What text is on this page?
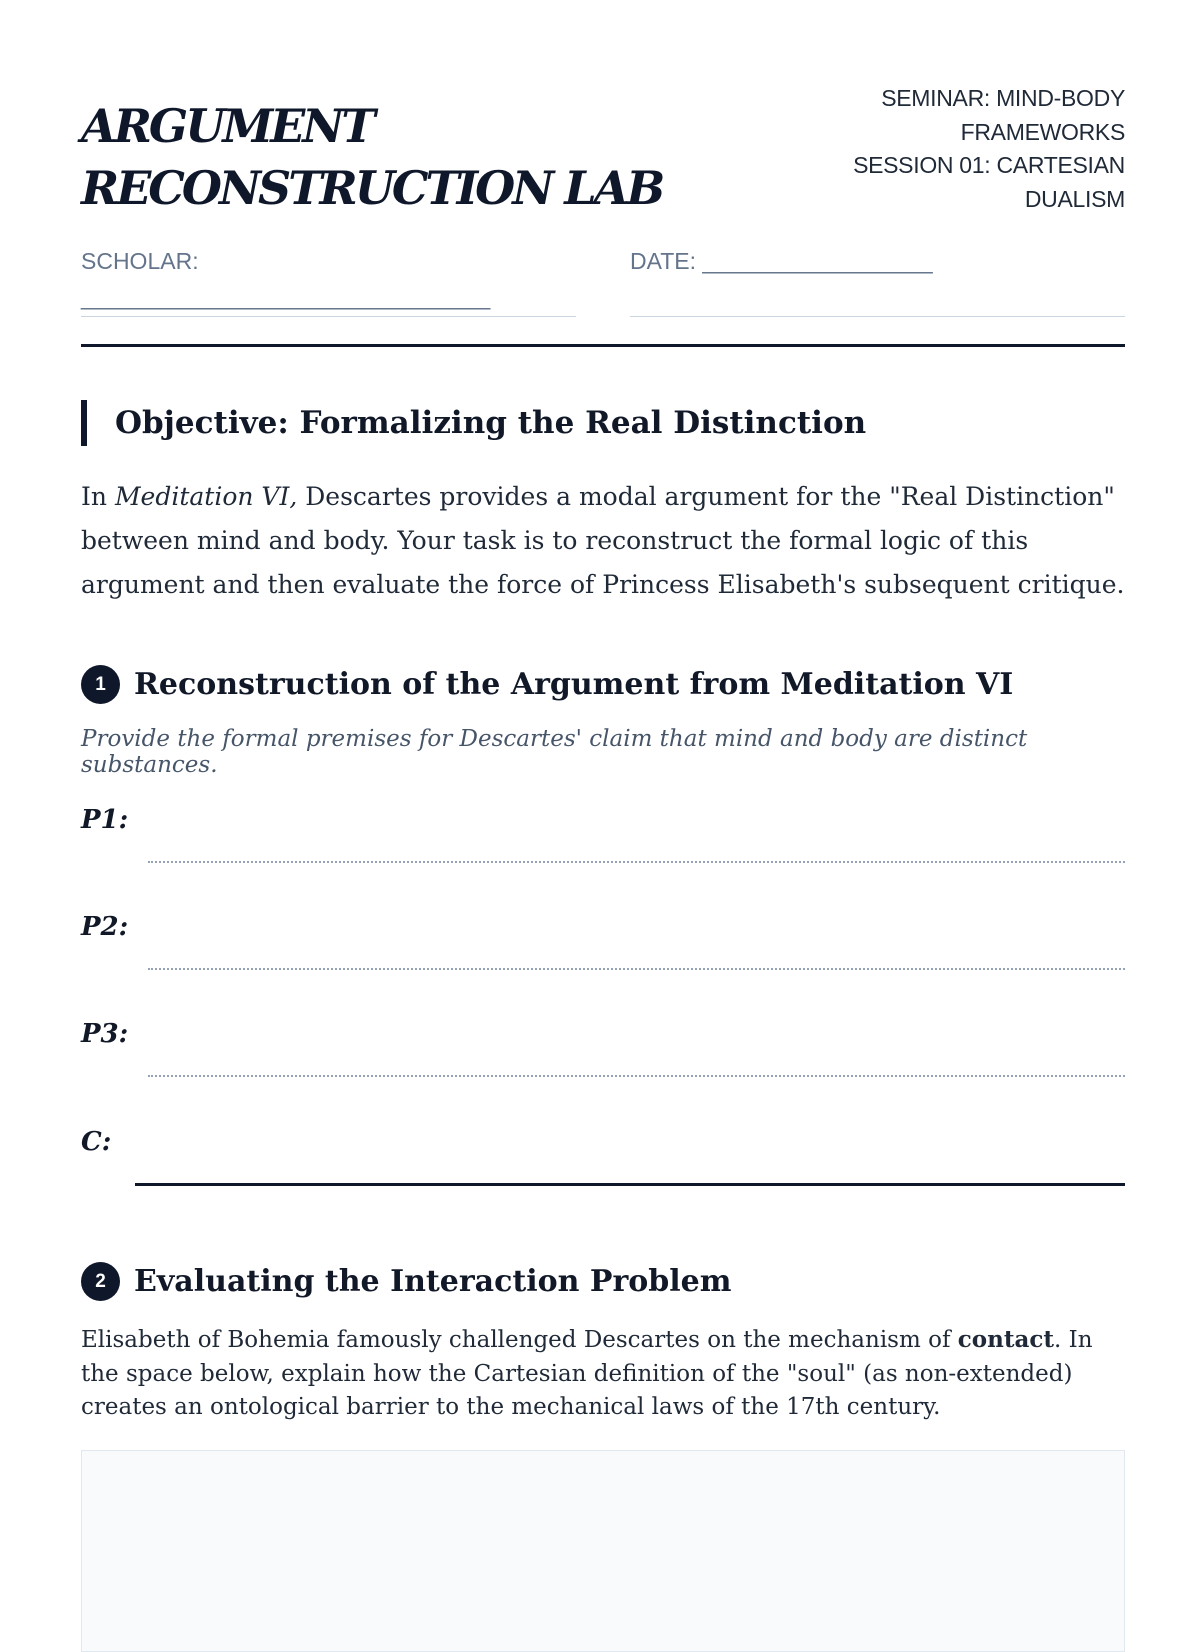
ARGUMENT
RECONSTRUCTION LAB
SEMINAR: MIND-BODY
FRAMEWORKS
SESSION 01: CARTESIAN
DUALISM
SCHOLAR: ________________________________
DATE: __________________
Objective: Formalizing the Real Distinction
In Meditation VI, Descartes provides a modal argument for the "Real Distinction" between mind and body. Your task is to reconstruct the formal logic of this argument and then evaluate the force of Princess Elisabeth's subsequent critique.
1 Reconstruction of the Argument from Meditation VI
Provide the formal premises for Descartes' claim that mind and body are distinct substances.
P1:
P2:
P3:
C:
2 Evaluating the Interaction Problem
Elisabeth of Bohemia famously challenged Descartes on the mechanism of contact. In the space below, explain how the Cartesian definition of the "soul" (as non-extended) creates an ontological barrier to the mechanical laws of the 17th century.
